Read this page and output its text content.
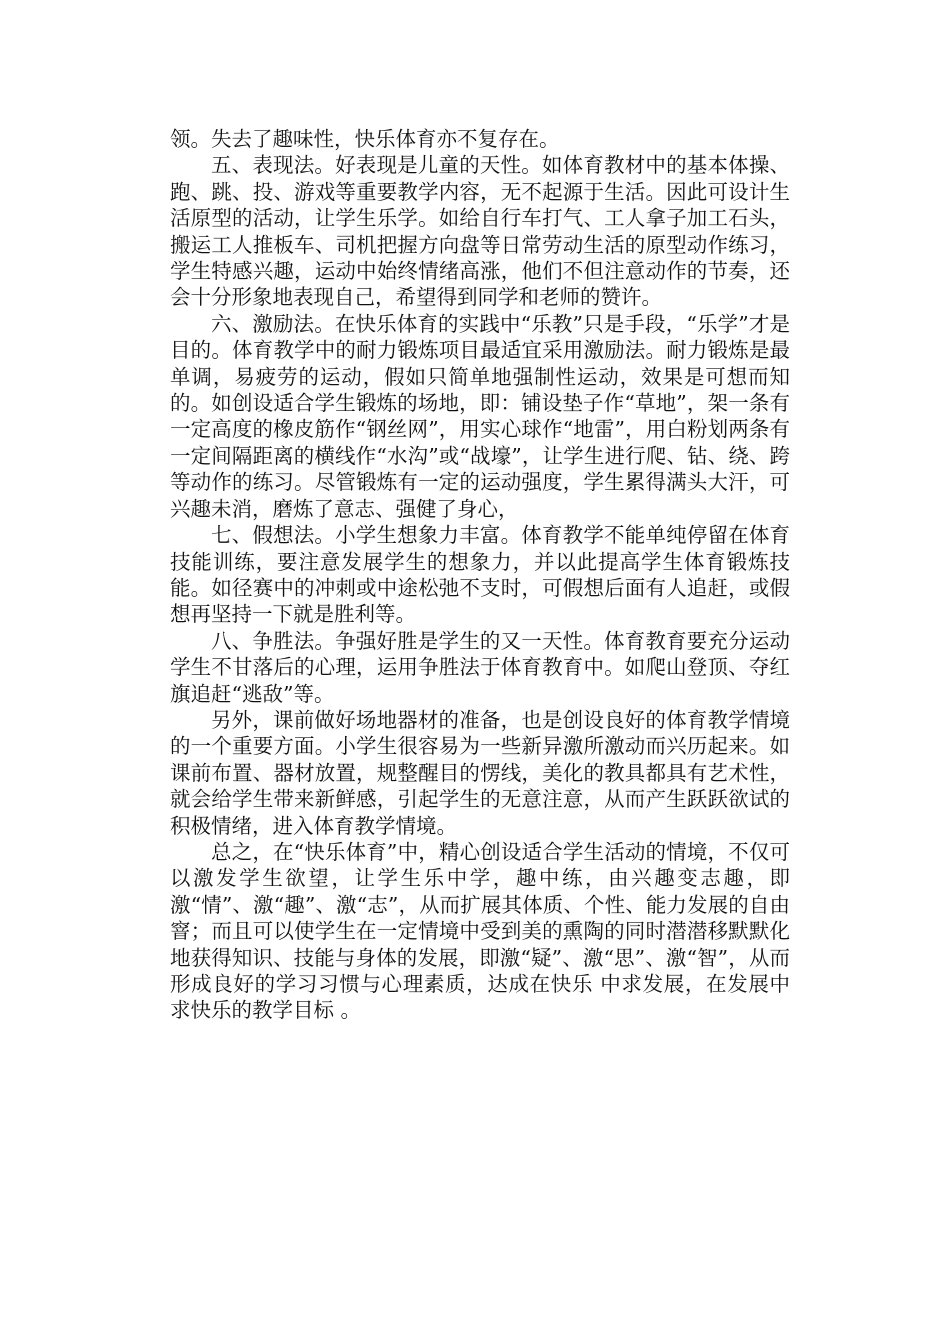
领。失去了趣味性，快乐体育亦不复存在。

五、表现法。好表现是儿童的天性。如体育教材中的基本体操、跑、跳、投、游戏等重要教学内容，无不起源于生活。因此可设计生活原型的活动，让学生乐学。如给自行车打气、工人拿子加工石头，搬运工人推板车、司机把握方向盘等日常劳动生活的原型动作练习，学生特感兴趣，运动中始终情绪高涨，他们不但注意动作的节奏，还会十分形象地表现自己，希望得到同学和老师的赞许。

六、激励法。在快乐体育的实践中“乐教”只是手段，“乐学”才是目的。体育教学中的耐力锻炼项目最适宜采用激励法。耐力锻炼是最单调，易疲劳的运动，假如只简单地强制性运动，效果是可想而知的。如创设适合学生锻炼的场地，即：铺设垫子作“草地”，架一条有一定高度的橡皮筋作“钢丝网”，用实心球作“地雷”，用白粉划两条有一定间隔距离的横线作“水沟”或“战壕”，让学生进行爬、钻、绕、跨等动作的练习。尽管锻炼有一定的运动强度，学生累得满头大汗，可兴趣未消，磨炼了意志、强健了身心，

七、假想法。小学生想象力丰富。体育教学不能单纯停留在体育技能训练，要注意发展学生的想象力，并以此提高学生体育锻炼技能。如径赛中的冲刺或中途松弛不支时，可假想后面有人追赶，或假想再坚持一下就是胜利等。

八、争胜法。争强好胜是学生的又一天性。体育教育要充分运动学生不甘落后的心理，运用争胜法于体育教育中。如爬山登顶、夺红旗追赶“逃敌”等。

另外，课前做好场地器材的准备，也是创设良好的体育教学情境的一个重要方面。小学生很容易为一些新异激所激动而兴历起来。如课前布置、器材放置，规整醒目的愣线，美化的教具都具有艺术性，就会给学生带来新鲜感，引起学生的无意注意，从而产生跃跃欲试的积极情绪，进入体育教学情境。

总之，在“快乐体育”中，精心创设适合学生活动的情境，不仅可以激发学生欲望，让学生乐中学，趣中练，由兴趣变志趣，即激“情”、激“趣”、激“志”，从而扩展其体质、个性、能力发展的自由窨；而且可以使学生在一定情境中受到美的熏陶的同时潜潜移默默化地获得知识、技能与身体的发展，即激“疑”、激“思”、激“智”，从而形成良好的学习习惯与心理素质，达成在快乐 中求发展，在发展中求快乐的教学目标 。
